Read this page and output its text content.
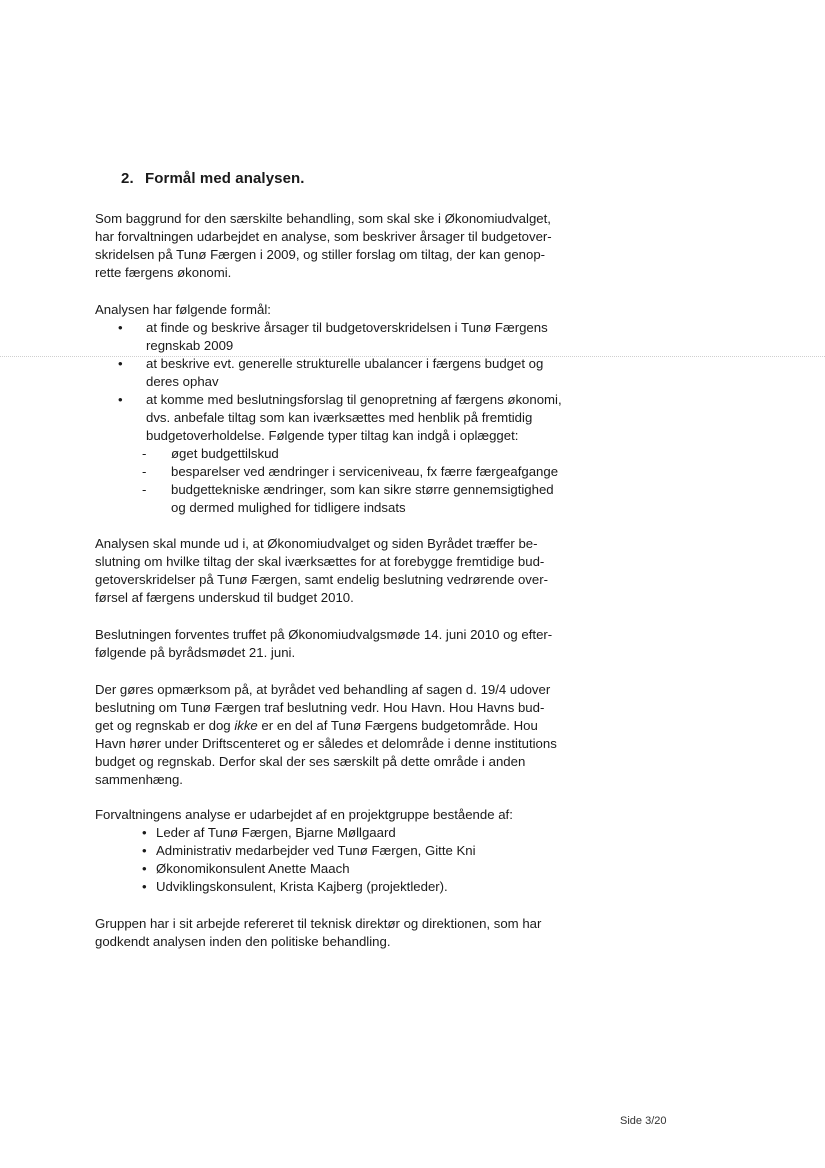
2. Formål med analysen.
Som baggrund for den særskilte behandling, som skal ske i Økonomiudvalget,
har forvaltningen udarbejdet en analyse, som beskriver årsager til budgetover-
skridelsen på Tunø Færgen i 2009, og stiller forslag om tiltag, der kan genop-
rette færgens økonomi.
Analysen har følgende formål:
•	at finde og beskrive årsager til budgetoverskridelsen i Tunø Færgens
regnskab 2009
•	at beskrive evt. generelle strukturelle ubalancer i færgens budget og
deres ophav
•	at komme med beslutningsforslag til genopretning af færgens økonomi,
dvs. anbefale tiltag som kan iværksættes med henblik på fremtidig
budgetoverholdelse. Følgende typer tiltag kan indgå i oplægget:
-	øget budgettilskud
-	besparelser ved ændringer i serviceniveau, fx færre færgeafgange
-	budgettekniske ændringer, som kan sikre større gennemsigtighed
og dermed mulighed for tidligere indsats
Analysen skal munde ud i, at Økonomiudvalget og siden Byrådet træffer be-
slutning om hvilke tiltag der skal iværksættes for at forebygge fremtidige bud-
getoverskridelser på Tunø Færgen, samt endelig beslutning vedrørende over-
førsel af færgens underskud til budget 2010.
Beslutningen forventes truffet på Økonomiudvalgsmøde 14. juni 2010 og efter-
følgende på byrådsmødet 21. juni.
Der gøres opmærksom på, at byrådet ved behandling af sagen d. 19/4 udover
beslutning om Tunø Færgen traf beslutning vedr. Hou Havn. Hou Havns bud-
get og regnskab er dog ikke er en del af Tunø Færgens budgetområde. Hou
Havn hører under Driftscenteret og er således et delområde i denne institutions
budget og regnskab. Derfor skal der ses særskilt på dette område i anden
sammenhæng.
Forvaltningens analyse er udarbejdet af en projektgruppe bestående af:
• Leder af Tunø Færgen, Bjarne Møllgaard
• Administrativ medarbejder ved Tunø Færgen, Gitte Kni
• Økonomikonsulent Anette Maach
• Udviklingskonsulent, Krista Kajberg (projektleder).
Gruppen har i sit arbejde refereret til teknisk direktør og direktionen, som har
godkendt analysen inden den politiske behandling.
Side 3/20
